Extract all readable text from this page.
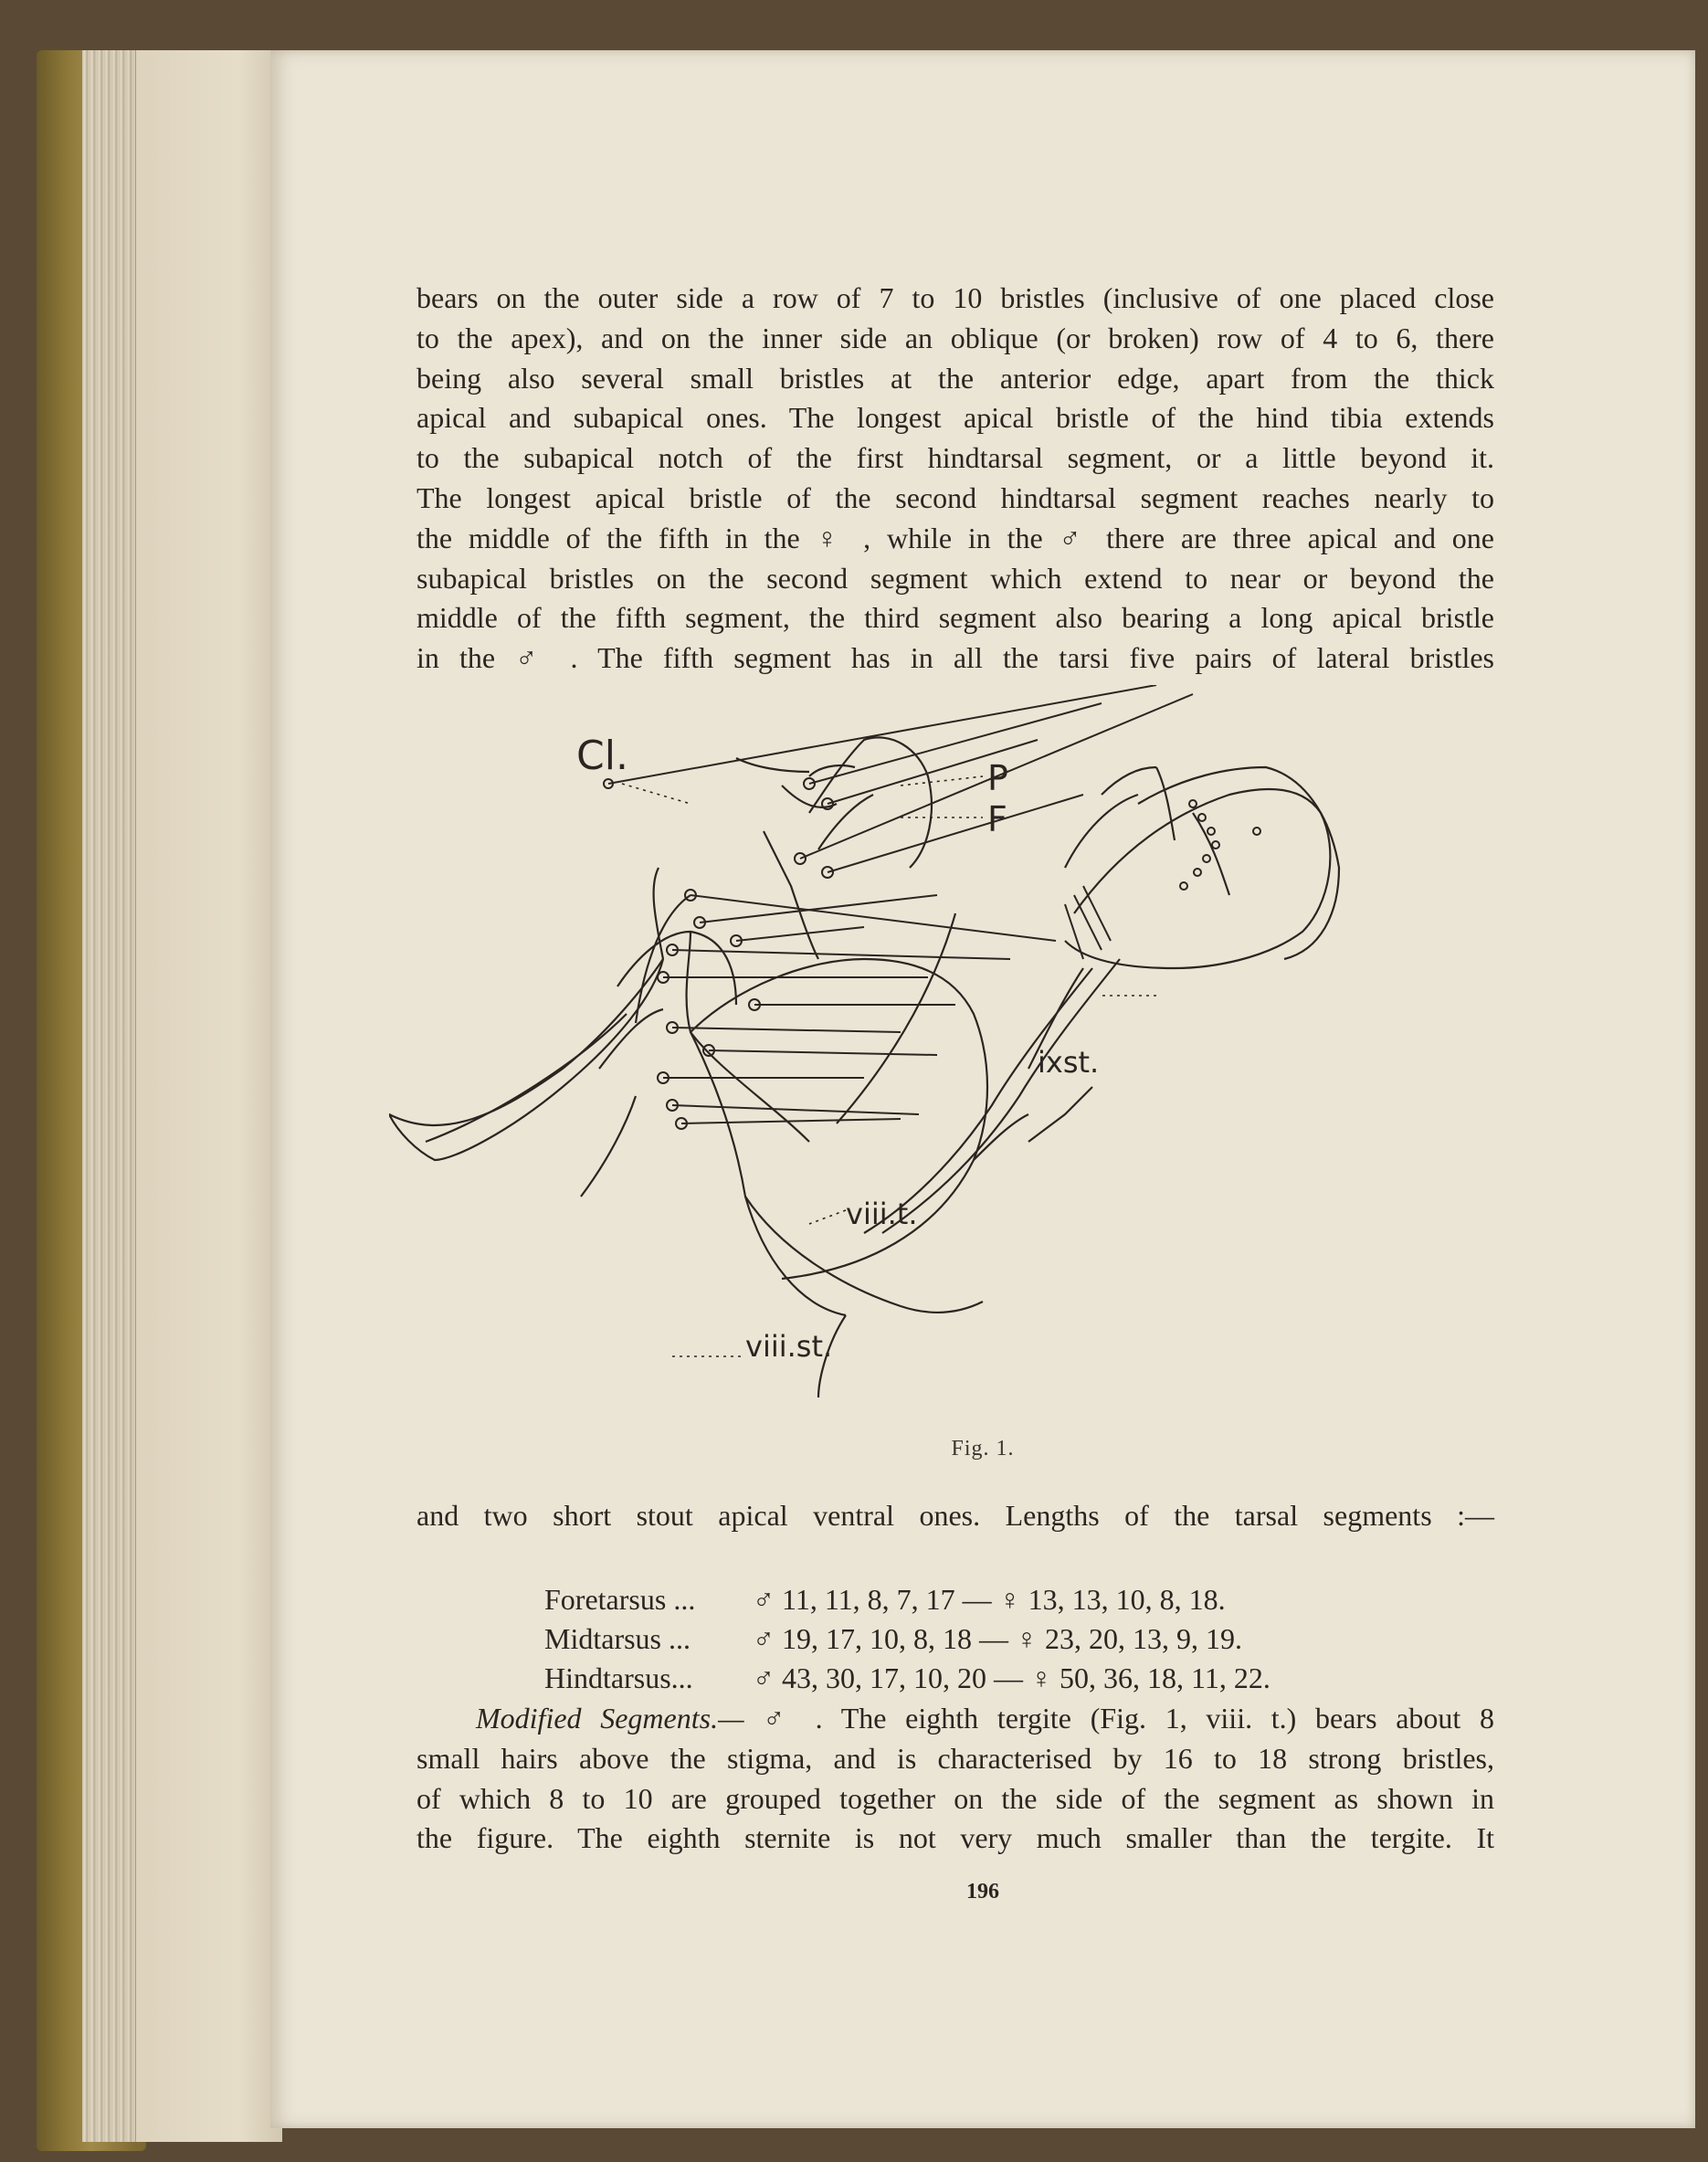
bears on the outer side a row of 7 to 10 bristles (inclusive of one placed close
to the apex), and on the inner side an oblique (or broken) row of 4 to 6, there
being also several small bristles at the anterior edge, apart from the thick
apical and subapical ones. The longest apical bristle of the hind tibia extends
to the subapical notch of the first hindtarsal segment, or a little beyond it.
The longest apical bristle of the second hindtarsal segment reaches nearly to
the middle of the fifth in the ♀ , while in the ♂ there are three apical and one
subapical bristles on the second segment which extend to near or beyond the
middle of the fifth segment, the third segment also bearing a long apical bristle
in the ♂ . The fifth segment has in all the tarsi five pairs of lateral bristles
Cl.	P
F
ixst.
viii.t.
viii.st.
Fig. 1.
and two short stout apical ventral ones. Lengths of the tarsal segments :—
Foretarsus ...	♂ 11, 11, 8, 7, 17 — ♀ 13, 13, 10, 8, 18.
Midtarsus ...	♂ 19, 17, 10, 8, 18 — ♀ 23, 20, 13, 9, 19.
Hindtarsus...	♂ 43, 30, 17, 10, 20 — ♀ 50, 36, 18, 11, 22.
Modified Segments.— ♂ . The eighth tergite (Fig. 1, viii. t.) bears about 8
small hairs above the stigma, and is characterised by 16 to 18 strong bristles,
of which 8 to 10 are grouped together on the side of the segment as shown in
the figure. The eighth sternite is not very much smaller than the tergite. It
196
